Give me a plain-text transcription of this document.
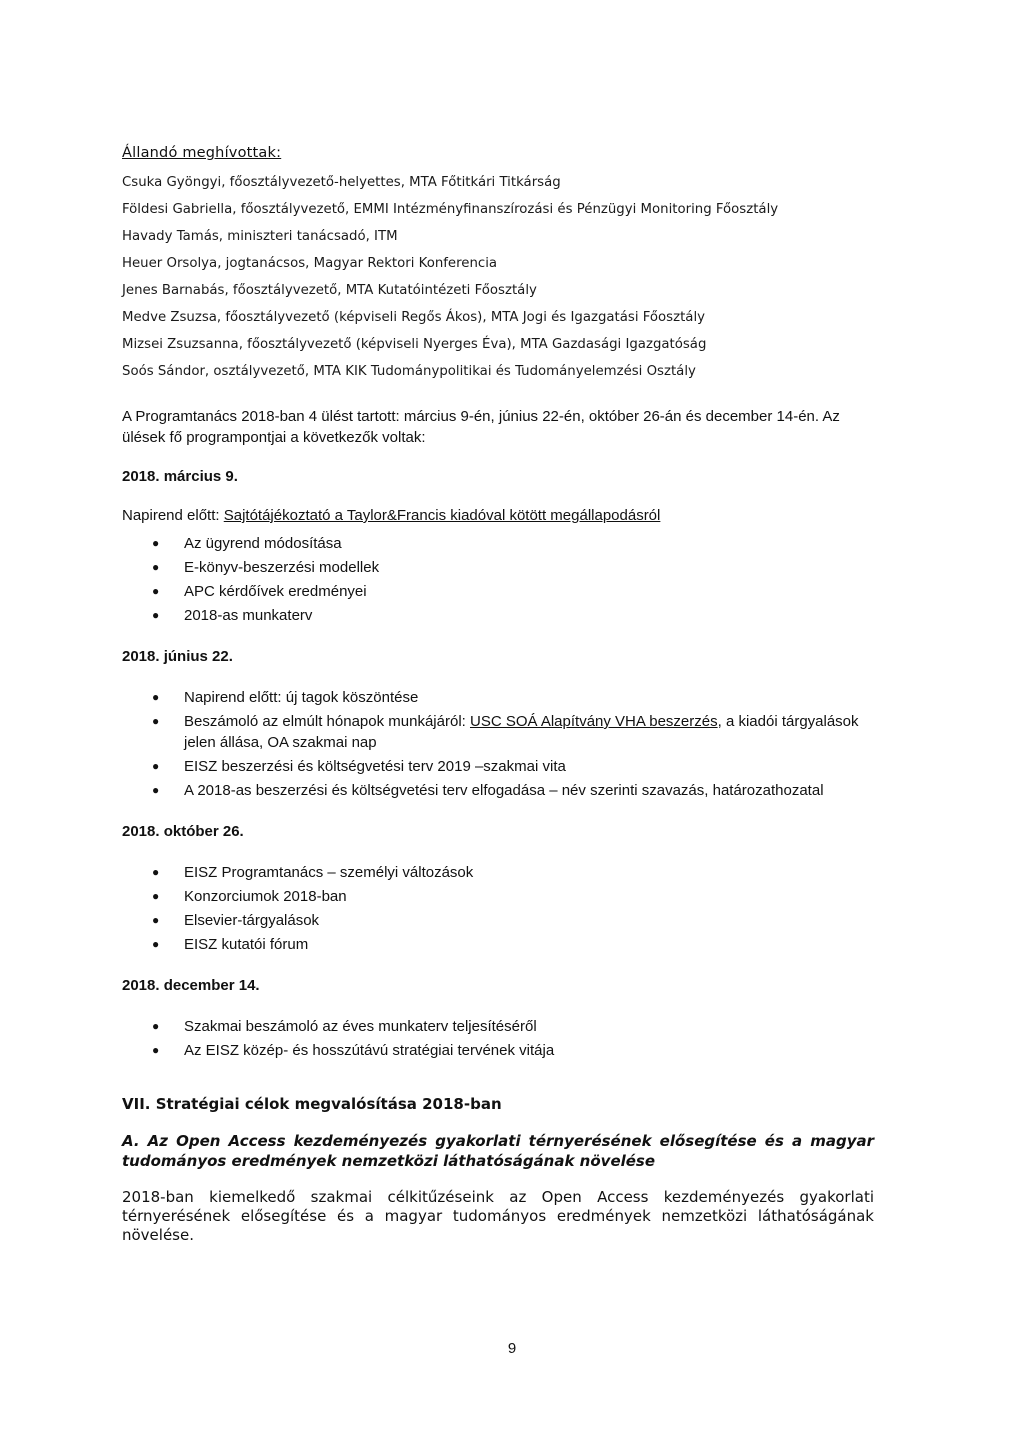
Állandó meghívottak:
Csuka Gyöngyi, főosztályvezető-helyettes, MTA Főtitkári Titkárság
Földesi Gabriella, főosztályvezető, EMMI Intézményfinanszírozási és Pénzügyi Monitoring Főosztály
Havady Tamás, miniszteri tanácsadó, ITM
Heuer Orsolya, jogtanácsos, Magyar Rektori Konferencia
Jenes Barnabás, főosztályvezető, MTA Kutatóintézeti Főosztály
Medve Zsuzsa, főosztályvezető (képviseli Regős Ákos), MTA Jogi és Igazgatási Főosztály
Mizsei Zsuzsanna, főosztályvezető (képviseli Nyerges Éva), MTA Gazdasági Igazgatóság
Soós Sándor, osztályvezető, MTA KIK Tudománypolitikai és Tudományelemzési Osztály

A Programtanács 2018-ban 4 ülést tartott: március 9-én, június 22-én, október 26-án és december 14-én. Az ülések fő programpontjai a következők voltak:

2018. március 9.
Napirend előtt: Sajtótájékoztató a Taylor&Francis kiadóval kötött megállapodásról
● Az ügyrend módosítása
● E-könyv-beszerzési modellek
● APC kérdőívek eredményei
● 2018-as munkaterv
2018. június 22.
● Napirend előtt: új tagok köszöntése
● Beszámoló az elmúlt hónapok munkájáról: USC SOÁ Alapítvány VHA beszerzés, a kiadói tárgyalások jelen állása, OA szakmai nap
● EISZ beszerzési és költségvetési terv 2019 –szakmai vita
● A 2018-as beszerzési és költségvetési terv elfogadása – név szerinti szavazás, határozathozatal
2018. október 26.
● EISZ Programtanács – személyi változások
● Konzorciumok 2018-ban
● Elsevier-tárgyalások
● EISZ kutatói fórum
2018. december 14.
● Szakmai beszámoló az éves munkaterv teljesítéséről
● Az EISZ közép- és hosszútávú stratégiai tervének vitája
VII. Stratégiai célok megvalósítása 2018-ban
A. Az Open Access kezdeményezés gyakorlati térnyerésének elősegítése és a magyar tudományos eredmények nemzetközi láthatóságának növelése

2018-ban kiemelkedő szakmai célkitűzéseink az Open Access kezdeményezés gyakorlati térnyerésének elősegítése és a magyar tudományos eredmények nemzetközi láthatóságának növelése.

9
